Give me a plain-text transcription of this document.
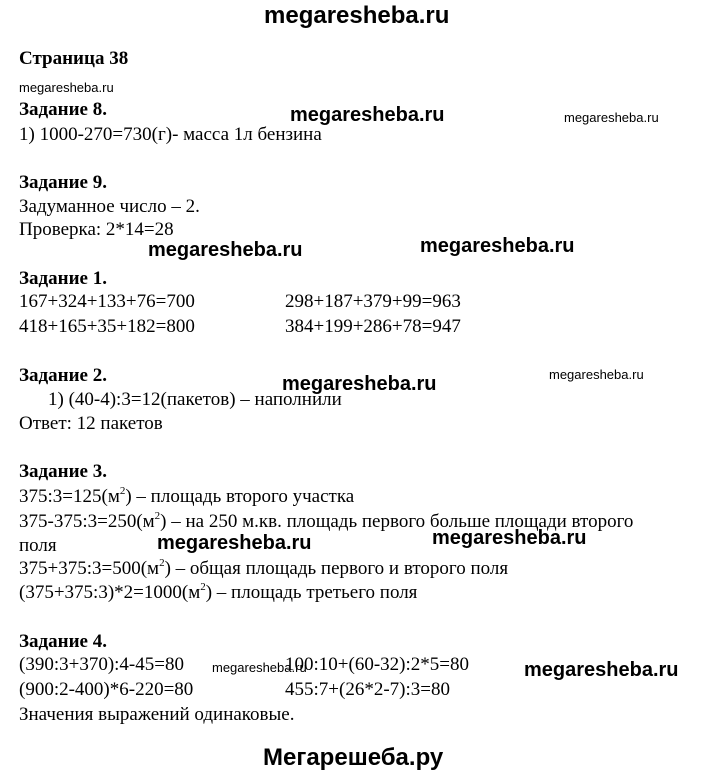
megaresheba.ru
Мегарешеба.ру
Страница 38
megaresheba.ru
megaresheba.ru	megaresheba.ru
megaresheba.ru	megaresheba.ru
megaresheba.ru
megaresheba.ru
megaresheba.ru	megaresheba.ru
megaresheba.ru	megaresheba.ru
Задание 8.
1) 1000-270=730(г)- масса 1л бензина
Задание 9.
Задуманное число – 2.
Проверка: 2*14=28
Задание 1.
167+324+133+76=700	298+187+379+99=963
418+165+35+182=800	384+199+286+78=947
Задание 2.
1) (40-4):3=12(пакетов) – наполнили
Ответ: 12 пакетов
Задание 3.
$375:3=125(м^2)$ – площадь второго участка
$375-375:3=250(м^2)$ – на 250 м.кв. площадь первого больше площади второго
поля
$375+375:3=500(м^2)$ – общая площадь первого и второго поля
$(375+375:3)*2=1000(м^2)$ – площадь третьего поля
Задание 4.
(390:3+370):4-45=80	100:10+(60-32):2*5=80
(900:2-400)*6-220=80	455:7+(26*2-7):3=80
Значения выражений одинаковые.
